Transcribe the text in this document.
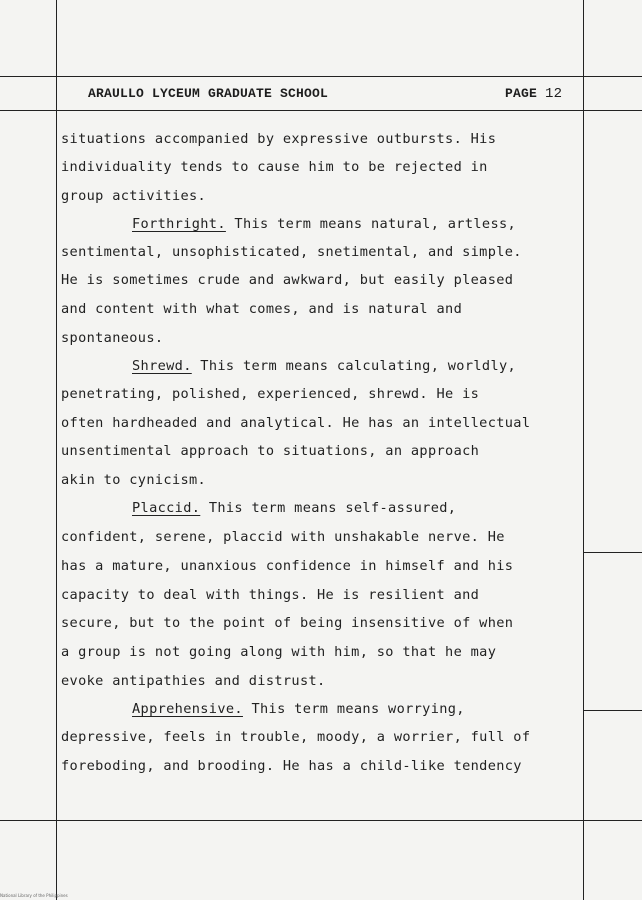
ARAULLO LYCEUM GRADUATE SCHOOL	PAGE 12
situations accompanied by expressive outbursts. His
individuality tends to cause him to be rejected in
group activities.
Forthright. This term means natural, artless,
sentimental, unsophisticated, snetimental, and simple.
He is sometimes crude and awkward, but easily pleased
and content with what comes, and is natural and
spontaneous.
Shrewd. This term means calculating, worldly,
penetrating, polished, experienced, shrewd. He is
often hardheaded and analytical. He has an intellectual
unsentimental approach to situations, an approach
akin to cynicism.
Placcid. This term means self-assured,
confident, serene, placcid with unshakable nerve. He
has a mature, unanxious confidence in himself and his
capacity to deal with things. He is resilient and
secure, but to the point of being insensitive of when
a group is not going along with him, so that he may
evoke antipathies and distrust.
Apprehensive. This term means worrying,
depressive, feels in trouble, moody, a worrier, full of
foreboding, and brooding. He has a child-like tendency
National Library of the Philippines
